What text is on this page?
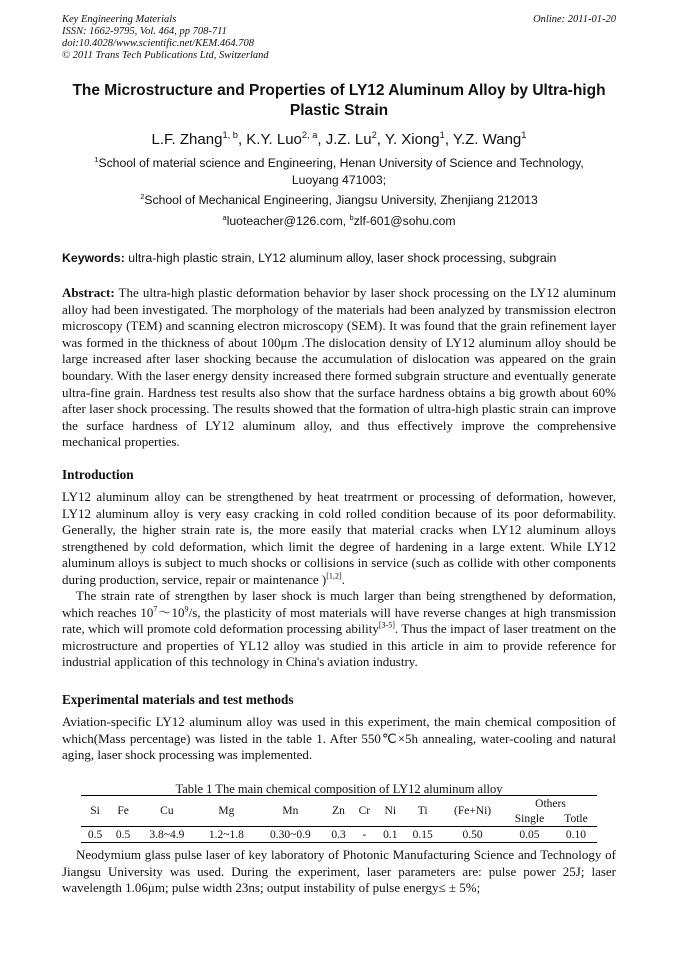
Key Engineering Materials
ISSN: 1662-9795, Vol. 464, pp 708-711
doi:10.4028/www.scientific.net/KEM.464.708
© 2011 Trans Tech Publications Ltd, Switzerland
Online: 2011-01-20
The Microstructure and Properties of LY12 Aluminum Alloy by Ultra-high
Plastic Strain
L.F. Zhang$^{1, b}$, K.Y. Luo$^{2, a}$, J.Z. Lu$^2$, Y. Xiong$^1$, Y.Z. Wang$^1$
$^1$School of material science and Engineering, Henan University of Science and Technology,
Luoyang 471003;
$^2$School of Mechanical Engineering, Jiangsu University, Zhenjiang 212013
$^a$luoteacher@126.com, $^b$zlf-601@sohu.com
Keywords: ultra-high plastic strain, LY12 aluminum alloy, laser shock processing, subgrain
Abstract: The ultra-high plastic deformation behavior by laser shock processing on the LY12 aluminum alloy had been investigated. The morphology of the materials had been analyzed by transmission electron microscopy (TEM) and scanning electron microscopy (SEM). It was found that the grain refinement layer was formed in the thickness of about 100μm .The dislocation density of LY12 aluminum alloy should be large increased after laser shocking because the accumulation of dislocation was appeared on the grain boundary. With the laser energy density increased there formed subgrain structure and eventually generate ultra-fine grain. Hardness test results also show that the surface hardness obtains a big growth about 60% after laser shock processing. The results showed that the formation of ultra-high plastic strain can improve the surface hardness of LY12 aluminum alloy, and thus effectively improve the comprehensive mechanical properties.
Introduction
LY12 aluminum alloy can be strengthened by heat treatrment or processing of deformation, however, LY12 aluminum alloy is very easy cracking in cold rolled condition because of its poor deformability. Generally, the higher strain rate is, the more easily that material cracks when LY12 aluminum alloys strengthened by cold deformation, which limit the degree of hardening in a large extent. While LY12 aluminum alloys is subject to much shocks or collisions in service (such as collide with other components during production, service, repair or maintenance )[1,2].
The strain rate of strengthen by laser shock is much larger than being strengthened by deformation, which reaches $10^7\sim 10^9/s$, the plasticity of most materials will have reverse changes at high transmission rate, which will promote cold deformation processing ability[3-5]. Thus the impact of laser treatment on the microstructure and properties of YL12 alloy was studied in this article in aim to provide reference for industrial application of this technology in China's aviation industry.
Experimental materials and test methods
Aviation-specific LY12 aluminum alloy was used in this experiment, the main chemical composition of which(Mass percentage) was listed in the table 1. After 550℃×5h annealing, water-cooling and natural aging, laser shock processing was implemented.
Table 1 The main chemical composition of LY12 aluminum alloy
Si	Fe	Cu	Mg	Mn	Zn	Cr	Ni	Ti	(Fe+Ni)	Others	
										Single	Totle
0.5	0.5	3.8~4.9	1.2~1.8	0.30~0.9	0.3	-	0.1	0.15	0.50	0.05	0.10
Neodymium glass pulse laser of key laboratory of Photonic Manufacturing Science and Technology of Jiangsu University was used. During the experiment, laser parameters are: pulse power 25J; laser wavelength 1.06μm; pulse width 23ns; output instability of pulse energy≤ ± 5%;
